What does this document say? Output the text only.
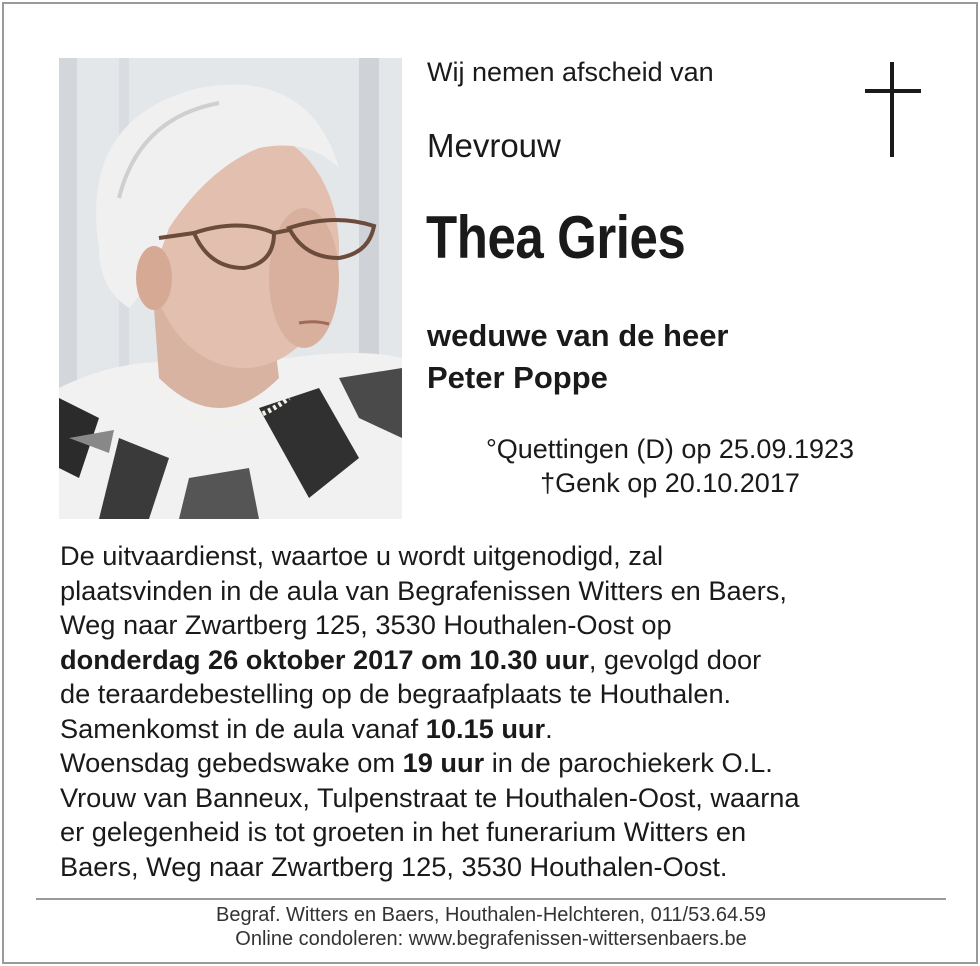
Wij nemen afscheid van
Mevrouw
Thea Gries
weduwe van de heer
Peter Poppe
°Quettingen (D) op 25.09.1923
†Genk op 20.10.2017
De uitvaardienst, waartoe u wordt uitgenodigd, zal
plaatsvinden in de aula van Begrafenissen Witters en Baers,
Weg naar Zwartberg 125, 3530 Houthalen-Oost op
donderdag 26 oktober 2017 om 10.30 uur, gevolgd door
de teraardebestelling op de begraafplaats te Houthalen.
Samenkomst in de aula vanaf 10.15 uur.
Woensdag gebedswake om 19 uur in de parochiekerk O.L.
Vrouw van Banneux, Tulpenstraat te Houthalen-Oost, waarna
er gelegenheid is tot groeten in het funerarium Witters en
Baers, Weg naar Zwartberg 125, 3530 Houthalen-Oost.
Begraf. Witters en Baers, Houthalen-Helchteren, 011/53.64.59
Online condoleren: www.begrafenissen-wittersenbaers.be
